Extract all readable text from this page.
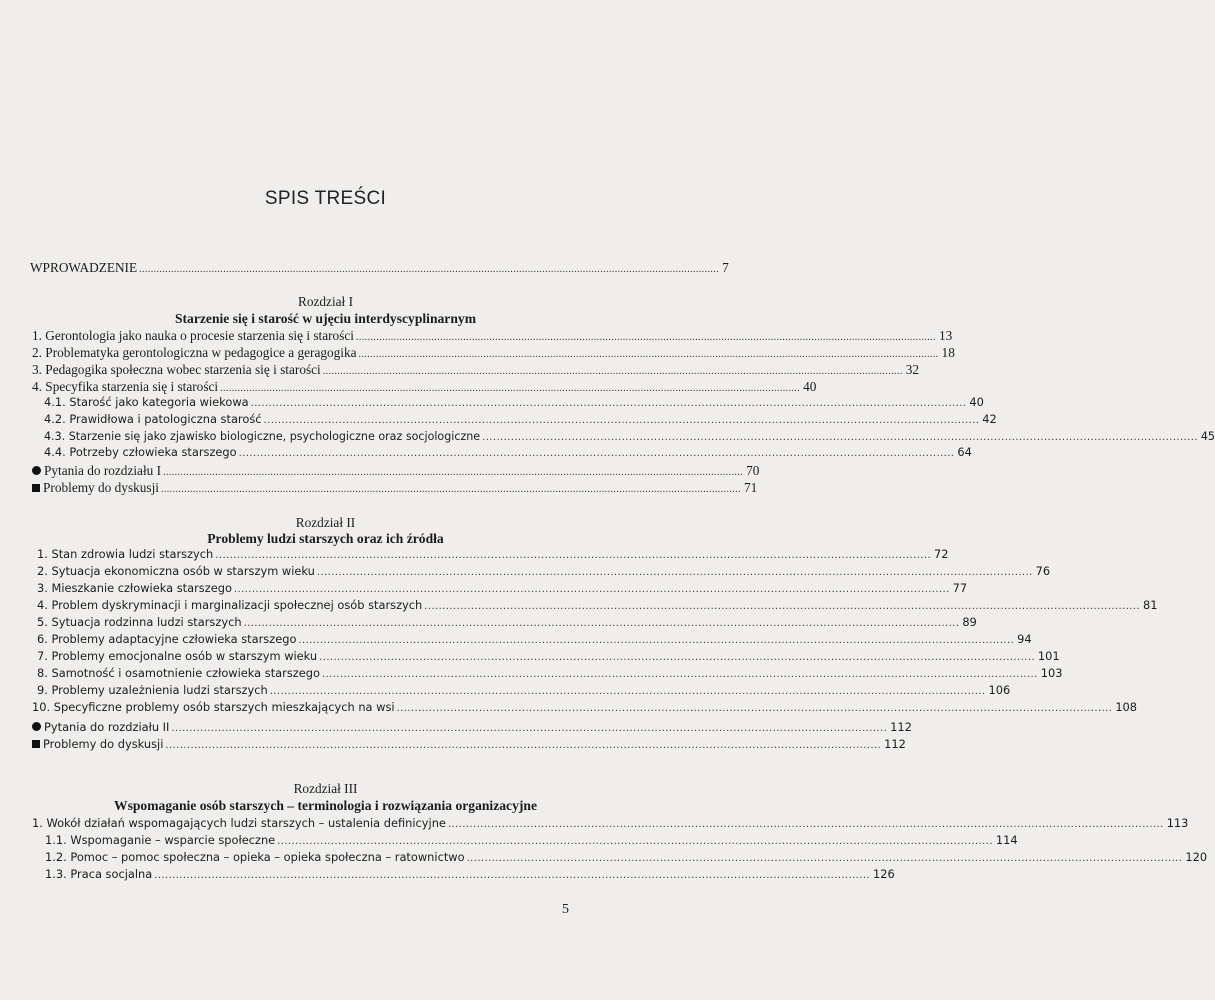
SPIS TREŚCI
WPROWADZENIE ........................................................................................................................................................................................................ 7
Rozdział I
Starzenie się i starość w ujęciu interdyscyplinarnym
1. Gerontologia jako nauka o procesie starzenia się i starości ........................................................................................................................................................................................................ 13
2. Problematyka gerontologiczna w pedagogice a geragogika ........................................................................................................................................................................................................ 18
3. Pedagogika społeczna wobec starzenia się i starości ........................................................................................................................................................................................................ 32
4. Specyfika starzenia się i starości ........................................................................................................................................................................................................ 40
4.1. Starość jako kategoria wiekowa ........................................................................................................................................................................................................ 40
4.2. Prawidłowa i patologiczna starość ........................................................................................................................................................................................................ 42
4.3. Starzenie się jako zjawisko biologiczne, psychologiczne oraz socjologiczne ........................................................................................................................................................................................................ 45
4.4. Potrzeby człowieka starszego ........................................................................................................................................................................................................ 64
Pytania do rozdziału I ........................................................................................................................................................................................................ 70
Problemy do dyskusji ........................................................................................................................................................................................................ 71
Rozdział II
Problemy ludzi starszych oraz ich źródła
1. Stan zdrowia ludzi starszych ........................................................................................................................................................................................................ 72
2. Sytuacja ekonomiczna osób w starszym wieku ........................................................................................................................................................................................................ 76
3. Mieszkanie człowieka starszego ........................................................................................................................................................................................................ 77
4. Problem dyskryminacji i marginalizacji społecznej osób starszych ........................................................................................................................................................................................................ 81
5. Sytuacja rodzinna ludzi starszych ........................................................................................................................................................................................................ 89
6. Problemy adaptacyjne człowieka starszego ........................................................................................................................................................................................................ 94
7. Problemy emocjonalne osób w starszym wieku ........................................................................................................................................................................................................ 101
8. Samotność i osamotnienie człowieka starszego ........................................................................................................................................................................................................ 103
9. Problemy uzależnienia ludzi starszych ........................................................................................................................................................................................................ 106
10. Specyficzne problemy osób starszych mieszkających na wsi ........................................................................................................................................................................................................ 108
Pytania do rozdziału II ........................................................................................................................................................................................................ 112
Problemy do dyskusji ........................................................................................................................................................................................................ 112
Rozdział III
Wspomaganie osób starszych – terminologia i rozwiązania organizacyjne
1. Wokół działań wspomagających ludzi starszych – ustalenia definicyjne ........................................................................................................................................................................................................ 113
1.1. Wspomaganie – wsparcie społeczne ........................................................................................................................................................................................................ 114
1.2. Pomoc – pomoc społeczna – opieka – opieka społeczna – ratownictwo ........................................................................................................................................................................................................ 120
1.3. Praca socjalna ........................................................................................................................................................................................................ 126
5
